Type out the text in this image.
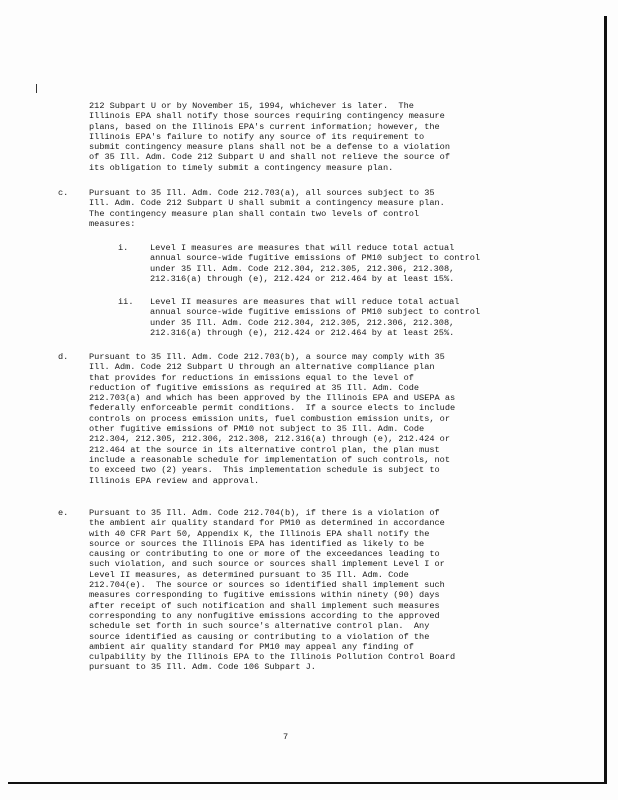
212 Subpart U or by November 15, 1994, whichever is later.  The
Illinois EPA shall notify those sources requiring contingency measure
plans, based on the Illinois EPA's current information; however, the
Illinois EPA's failure to notify any source of its requirement to
submit contingency measure plans shall not be a defense to a violation
of 35 Ill. Adm. Code 212 Subpart U and shall not relieve the source of
its obligation to timely submit a contingency measure plan.
c. Pursuant to 35 Ill. Adm. Code 212.703(a), all sources subject to 35
Ill. Adm. Code 212 Subpart U shall submit a contingency measure plan.
The contingency measure plan shall contain two levels of control
measures:
i.	Level I measures are measures that will reduce total actual
annual source-wide fugitive emissions of PM10 subject to control
under 35 Ill. Adm. Code 212.304, 212.305, 212.306, 212.308,
212.316(a) through (e), 212.424 or 212.464 by at least 15%.
ii. Level II measures are measures that will reduce total actual
annual source-wide fugitive emissions of PM10 subject to control
under 35 Ill. Adm. Code 212.304, 212.305, 212.306, 212.308,
212.316(a) through (e), 212.424 or 212.464 by at least 25%.
d. Pursuant to 35 Ill. Adm. Code 212.703(b), a source may comply with 35
Ill. Adm. Code 212 Subpart U through an alternative compliance plan
that provides for reductions in emissions equal to the level of
reduction of fugitive emissions as required at 35 Ill. Adm. Code
212.703(a) and which has been approved by the Illinois EPA and USEPA as
federally enforceable permit conditions.  If a source elects to include
controls on process emission units, fuel combustion emission units, or
other fugitive emissions of PM10 not subject to 35 Ill. Adm. Code
212.304, 212.305, 212.306, 212.308, 212.316(a) through (e), 212.424 or
212.464 at the source in its alternative control plan, the plan must
include a reasonable schedule for implementation of such controls, not
to exceed two (2) years.  This implementation schedule is subject to
Illinois EPA review and approval.
e. Pursuant to 35 Ill. Adm. Code 212.704(b), if there is a violation of
the ambient air quality standard for PM10 as determined in accordance
with 40 CFR Part 50, Appendix K, the Illinois EPA shall notify the
source or sources the Illinois EPA has identified as likely to be
causing or contributing to one or more of the exceedances leading to
such violation, and such source or sources shall implement Level I or
Level II measures, as determined pursuant to 35 Ill. Adm. Code
212.704(e).  The source or sources so identified shall implement such
measures corresponding to fugitive emissions within ninety (90) days
after receipt of such notification and shall implement such measures
corresponding to any nonfugitive emissions according to the approved
schedule set forth in such source's alternative control plan.  Any
source identified as causing or contributing to a violation of the
ambient air quality standard for PM10 may appeal any finding of
culpability by the Illinois EPA to the Illinois Pollution Control Board
pursuant to 35 Ill. Adm. Code 106 Subpart J.
7
